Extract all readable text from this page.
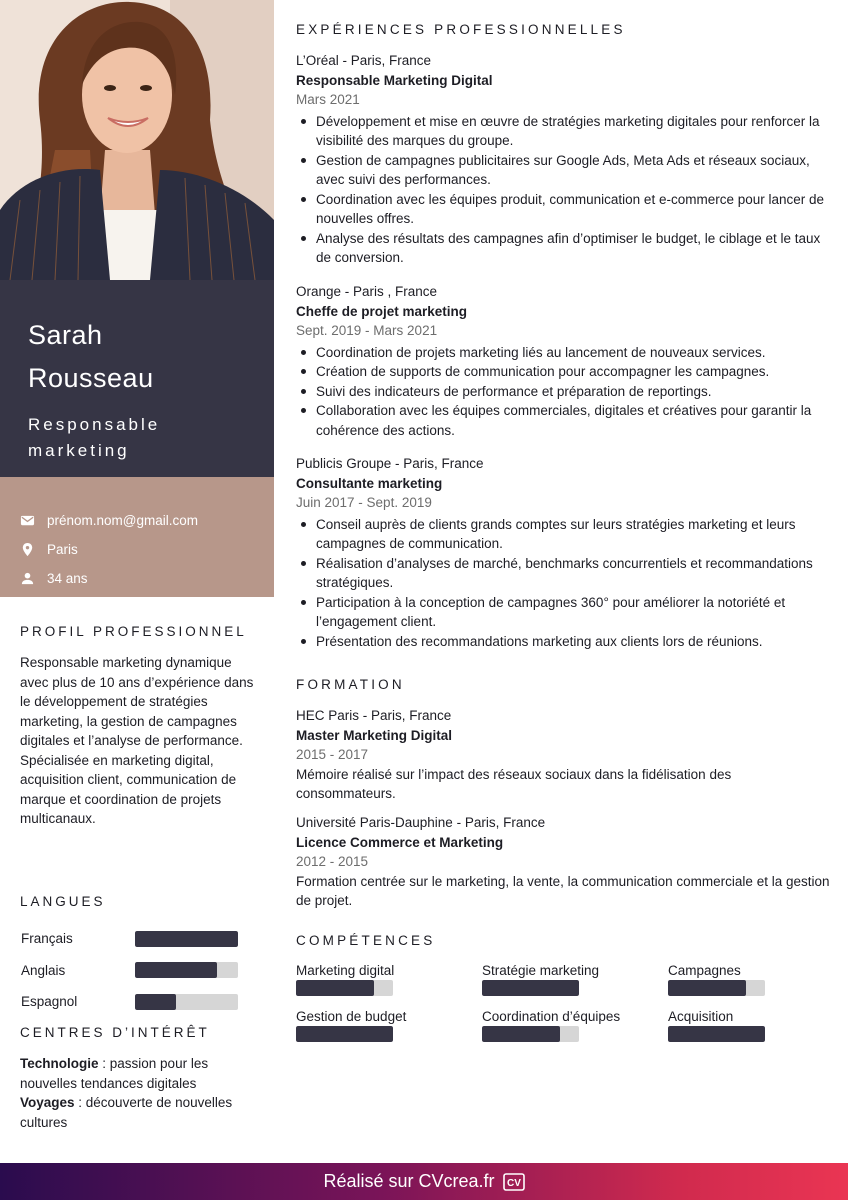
Sarah
Rousseau
Responsable
marketing
prénom.nom@gmail.com
Paris
34 ans
PROFIL PROFESSIONNEL
Responsable marketing dynamique avec plus de 10 ans d’expérience dans le développement de stratégies marketing, la gestion de campagnes digitales et l’analyse de performance. Spécialisée en marketing digital, acquisition client, communication de marque et coordination de projets multicanaux.
LANGUES
Français
Anglais
Espagnol
CENTRES D’INTÉRÊT
Technologie : passion pour les nouvelles tendances digitales
Voyages : découverte de nouvelles cultures
EXPÉRIENCES PROFESSIONNELLES
L’Oréal - Paris, France
Responsable Marketing Digital
Mars 2021
Développement et mise en œuvre de stratégies marketing digitales pour renforcer la visibilité des marques du groupe.
Gestion de campagnes publicitaires sur Google Ads, Meta Ads et réseaux sociaux, avec suivi des performances.
Coordination avec les équipes produit, communication et e-commerce pour lancer de nouvelles offres.
Analyse des résultats des campagnes afin d’optimiser le budget, le ciblage et le taux de conversion.
Orange - Paris , France
Cheffe de projet marketing
Sept. 2019 - Mars 2021
Coordination de projets marketing liés au lancement de nouveaux services.
Création de supports de communication pour accompagner les campagnes.
Suivi des indicateurs de performance et préparation de reportings.
Collaboration avec les équipes commerciales, digitales et créatives pour garantir la cohérence des actions.
Publicis Groupe - Paris, France
Consultante marketing
Juin 2017 - Sept. 2019
Conseil auprès de clients grands comptes sur leurs stratégies marketing et leurs campagnes de communication.
Réalisation d’analyses de marché, benchmarks concurrentiels et recommandations stratégiques.
Participation à la conception de campagnes 360° pour améliorer la notoriété et l’engagement client.
Présentation des recommandations marketing aux clients lors de réunions.
FORMATION
HEC Paris - Paris, France
Master Marketing Digital
2015 - 2017

Mémoire réalisé sur l’impact des réseaux sociaux dans la fidélisation des consommateurs.

Université Paris-Dauphine - Paris, France
Licence Commerce et Marketing
2012 - 2015

Formation centrée sur le marketing, la vente, la communication commerciale et la gestion de projet.

COMPÉTENCES
Marketing digital	Stratégie marketing	Campagnes
Gestion de budget	Coordination d’équipes	Acquisition
Réalisé sur CVcrea.fr CV
